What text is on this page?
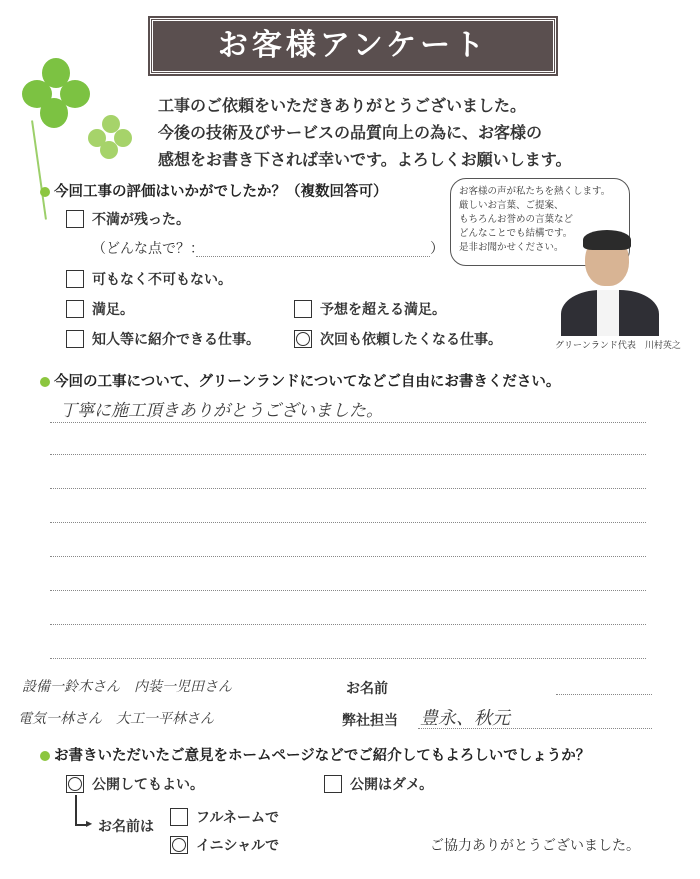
お客様アンケート
工事のご依頼をいただきありがとうございました。
今後の技術及びサービスの品質向上の為に、お客様の
感想をお書き下されば幸いです。よろしくお願いします。
今回工事の評価はいかがでしたか？（複数回答可）
不満が残った。
（どんな点で？：	）
可もなく不可もない。
満足。	予想を超える満足。
知人等に紹介できる仕事。	次回も依頼したくなる仕事。
お客様の声が私たちを熱くします。
厳しいお言葉、ご提案、
もちろんお誉めの言葉など
どんなことでも結構です。
是非お聞かせください。
グリーンランド代表　川村英之
今回の工事について、グリーンランドについてなどご自由にお書きください。
丁寧に施工頂きありがとうございました。
設備一鈴木さん　内装一児田さん
電気一林さん　大工一平林さん
お名前
弊社担当 豊永、秋元
お書きいただいたご意見をホームページなどでご紹介してもよろしいでしょうか？
公開してもよい。	公開はダメ。
▶ お名前は
フルネームで
イニシャルで	ご協力ありがとうございました。
